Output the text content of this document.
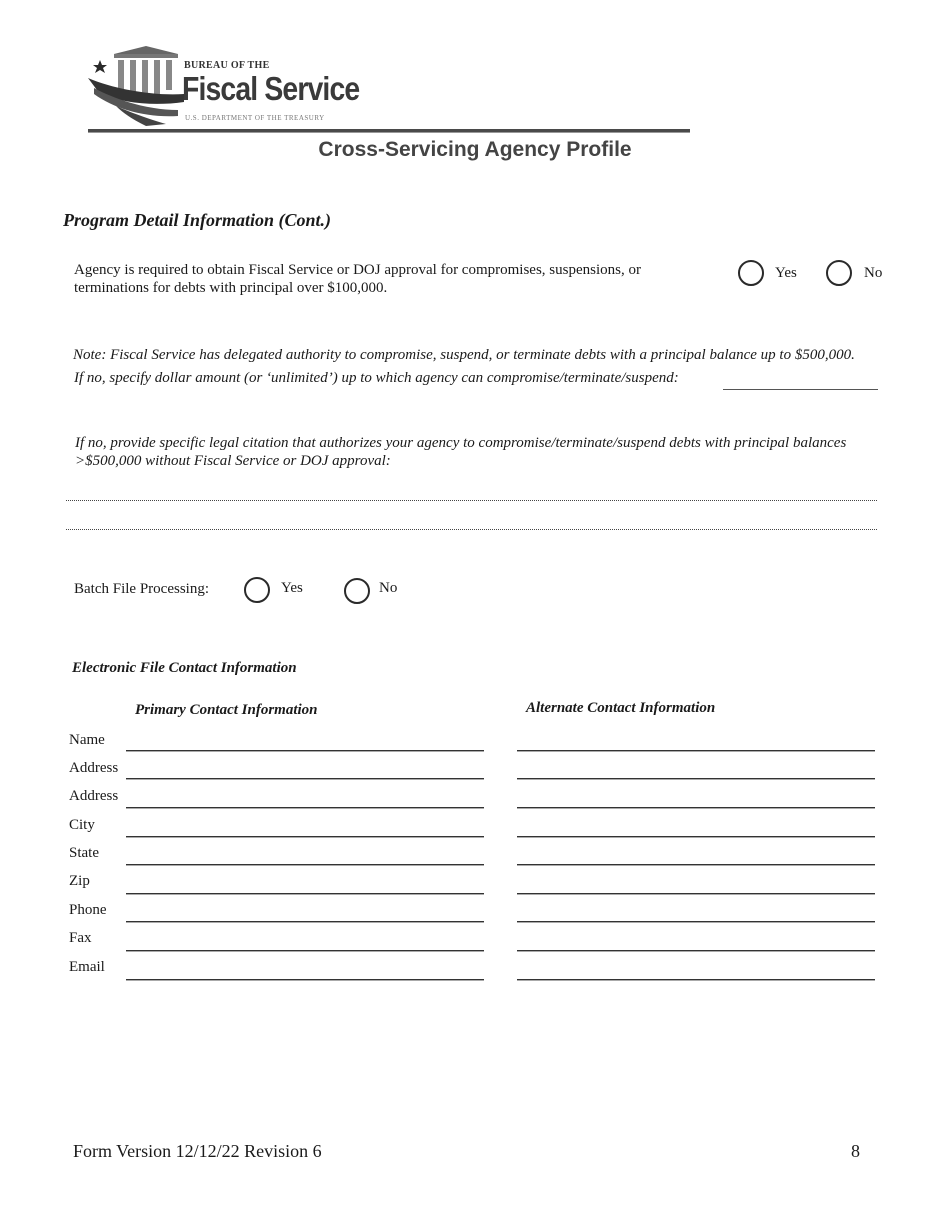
BUREAU OF THE
Fiscal Service
U.S. DEPARTMENT OF THE TREASURY
Cross-Servicing Agency Profile
Program Detail Information (Cont.)
Agency is required to obtain Fiscal Service or DOJ approval for compromises, suspensions, or
terminations for debts with principal over $100,000.
Yes	No
Note: Fiscal Service has delegated authority to compromise, suspend, or terminate debts with a principal balance up to $500,000.
If no, specify dollar amount (or ‘unlimited’) up to which agency can compromise/terminate/suspend:
If no, provide specific legal citation that authorizes your agency to compromise/terminate/suspend debts with principal balances
>$500,000 without Fiscal Service or DOJ approval:
Batch File Processing:	Yes	No
Electronic File Contact Information
Primary Contact Information	Alternate Contact Information
Name
Address
Address
City
State
Zip
Phone
Fax
Email
Form Version 12/12/22 Revision 6	8
